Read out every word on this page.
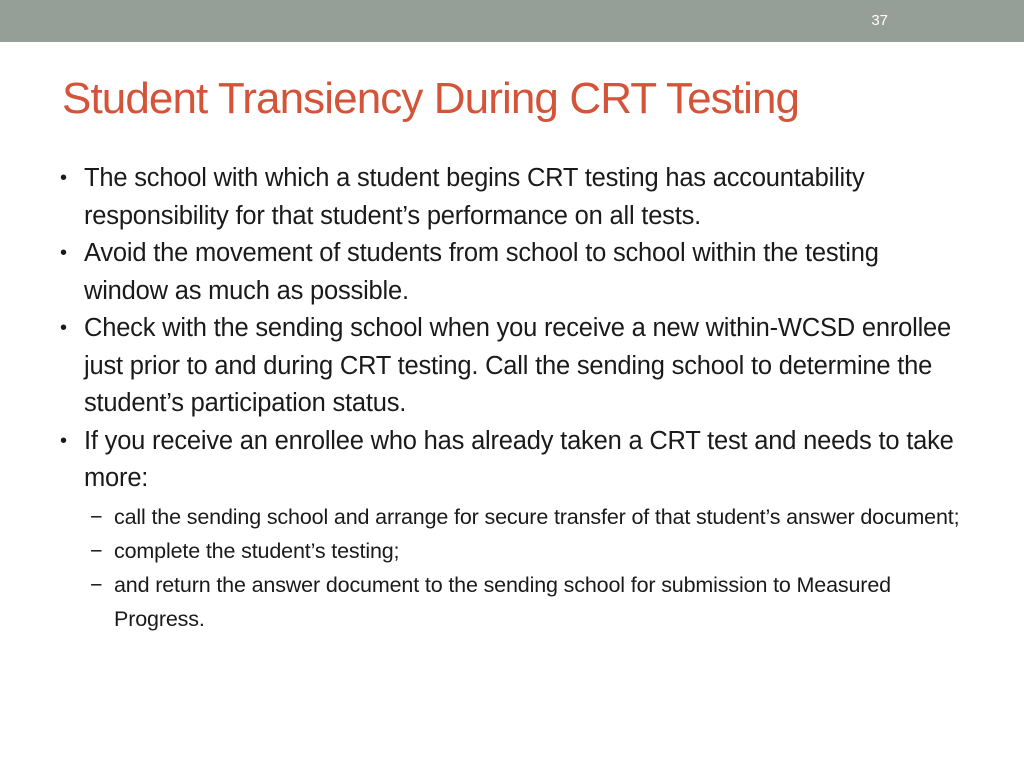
37
Student Transiency During CRT Testing
• The school with which a student begins CRT testing has accountability responsibility for that student’s performance on all tests.
• Avoid the movement of students from school to school within the testing window as much as possible.
• Check with the sending school when you receive a new within-WCSD enrollee just prior to and during CRT testing. Call the sending school to determine the student’s participation status.
• If you receive an enrollee who has already taken a CRT test and needs to take more:
− call the sending school and arrange for secure transfer of that student’s answer document;
− complete the student’s testing;
− and return the answer document to the sending school for submission to Measured Progress.
